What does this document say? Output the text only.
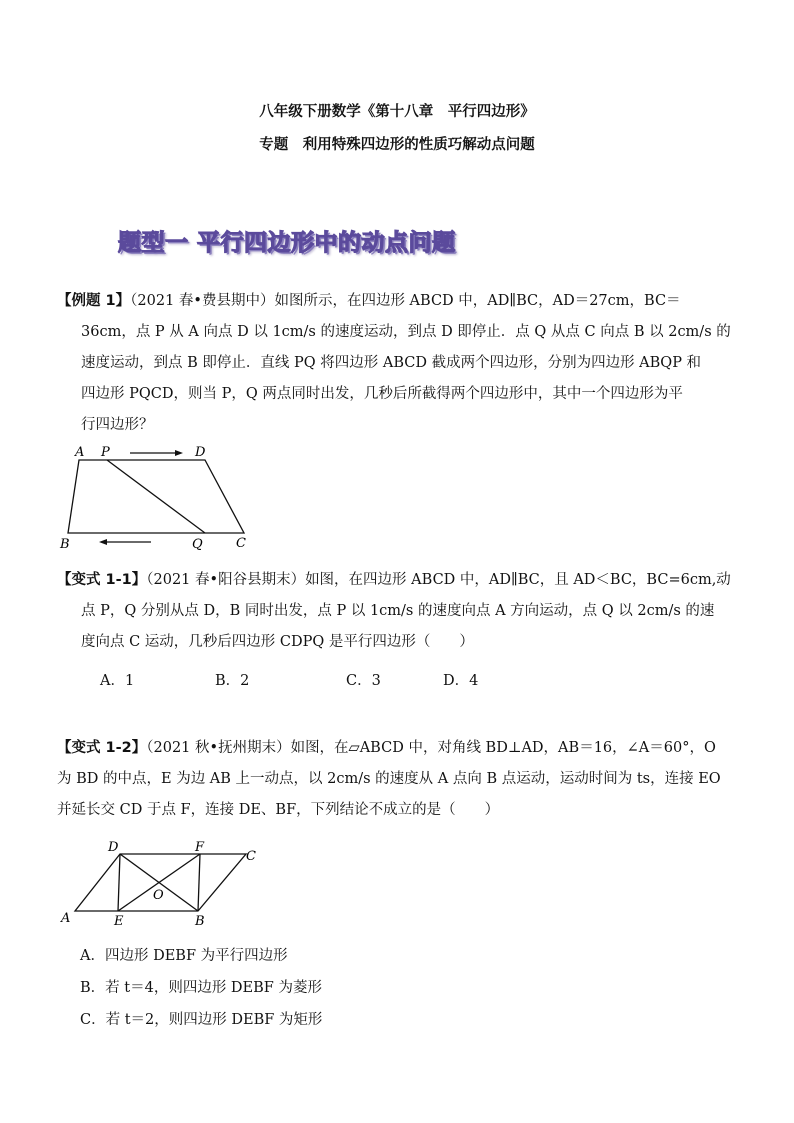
八年级下册数学《第十八章　平行四边形》
专题　利用特殊四边形的性质巧解动点问题
题型一 平行四边形中的动点问题
【例题 1】（2021 春•费县期中）如图所示，在四边形 ABCD 中，AD∥BC，AD＝27cm，BC＝
36cm，点 P 从 A 向点 D 以 1cm/s 的速度运动，到点 D 即停止．点 Q 从点 C 向点 B 以 2cm/s 的
速度运动，到点 B 即停止．直线 PQ 将四边形 ABCD 截成两个四边形，分别为四边形 ABQP 和
四边形 PQCD，则当 P，Q 两点同时出发，几秒后所截得两个四边形中，其中一个四边形为平
行四边形？
A P	D
B	Q	C
【变式 1-1】（2021 春•阳谷县期末）如图，在四边形 ABCD 中，AD∥BC，且 AD＜BC，BC=6cm,动
点 P，Q 分别从点 D，B 同时出发，点 P 以 1cm/s 的速度向点 A 方向运动，点 Q 以 2cm/s 的速
度向点 C 运动，几秒后四边形 CDPQ 是平行四边形（　　）
A．1	B．2	C．3	D．4
【变式 1-2】（2021 秋•抚州期末）如图，在▱ABCD 中，对角线 BD⊥AD，AB＝16，∠A＝60°，O
为 BD 的中点，E 为边 AB 上一动点，以 2cm/s 的速度从 A 点向 B 点运动，运动时间为 ts，连接 EO
并延长交 CD 于点 F，连接 DE、BF，下列结论不成立的是（　　）
D	F
C
O
A	E	B
A．四边形 DEBF 为平行四边形
B．若 t＝4，则四边形 DEBF 为菱形
C．若 t＝2，则四边形 DEBF 为矩形
